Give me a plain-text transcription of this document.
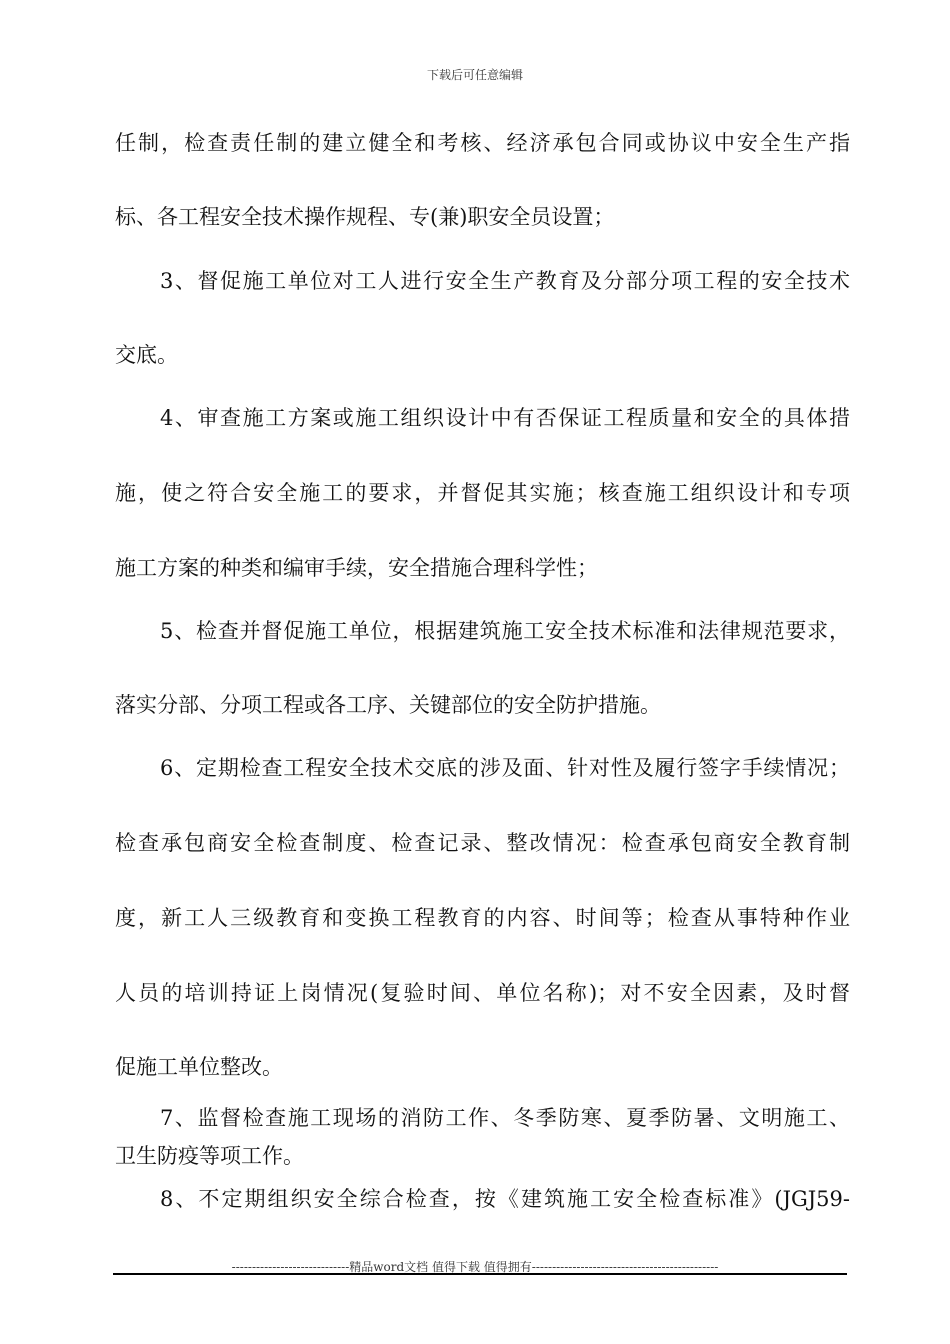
下载后可任意编辑
任制，检查责任制的建立健全和考核、经济承包合同或协议中安全生产指
标、各工程安全技术操作规程、专(兼)职安全员设置；
3、督促施工单位对工人进行安全生产教育及分部分项工程的安全技术
交底。
4、审查施工方案或施工组织设计中有否保证工程质量和安全的具体措
施，使之符合安全施工的要求，并督促其实施；核查施工组织设计和专项
施工方案的种类和编审手续，安全措施合理科学性；
5、检查并督促施工单位，根据建筑施工安全技术标准和法律规范要求，
落实分部、分项工程或各工序、关键部位的安全防护措施。
6、定期检查工程安全技术交底的涉及面、针对性及履行签字手续情况；
检查承包商安全检查制度、检查记录、整改情况：检查承包商安全教育制
度，新工人三级教育和变换工程教育的内容、时间等；检查从事特种作业
人员的培训持证上岗情况(复验时间、单位名称)；对不安全因素，及时督
促施工单位整改。
7、监督检查施工现场的消防工作、冬季防寒、夏季防暑、文明施工、
卫生防疫等项工作。
8、不定期组织安全综合检查，按《建筑施工安全检查标准》(JGJ59-
-----------------------------精品word文档 值得下载 值得拥有----------------------------------------------
